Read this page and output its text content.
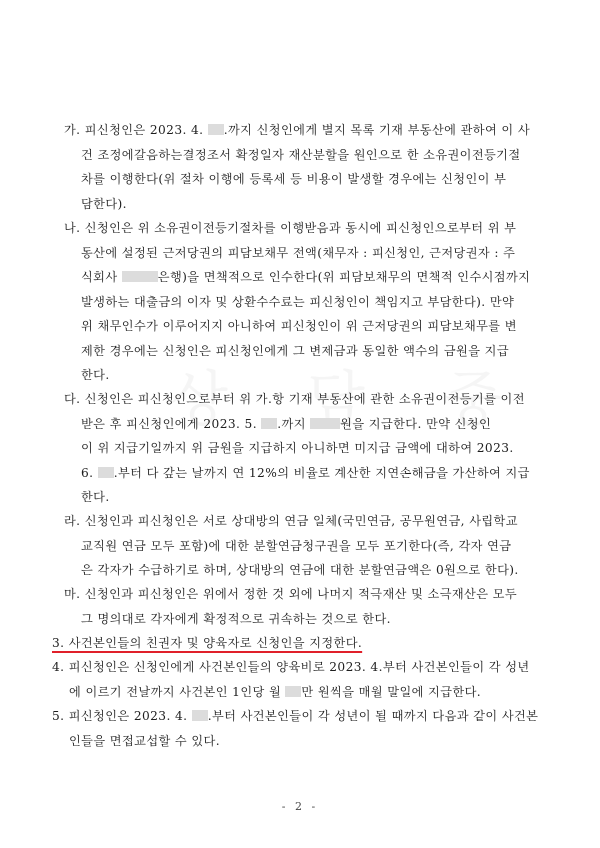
가. 피신청인은 2023. 4. .까지 신청인에게 별지 목록 기재 부동산에 관하여 이 사
건 조정에갈음하는결정조서 확정일자 재산분할을 원인으로 한 소유권이전등기절
차를 이행한다(위 절차 이행에 등록세 등 비용이 발생할 경우에는 신청인이 부
담한다).
나. 신청인은 위 소유권이전등기절차를 이행받음과 동시에 피신청인으로부터 위 부
동산에 설정된 근저당권의 피담보채무 전액(채무자 : 피신청인, 근저당권자 : 주
식회사	은행)을 면책적으로 인수한다(위 피담보채무의 면책적 인수시점까지
발생하는 대출금의 이자 및 상환수수료는 피신청인이 책임지고 부담한다). 만약
위 채무인수가 이루어지지 아니하여 피신청인이 위 근저당권의 피담보채무를 변
제한 경우에는 신청인은 피신청인에게 그 변제금과 동일한 액수의 금원을 지급
한다.
다. 신청인은 피신청인으로부터 위 가.항 기재 부동산에 관한 소유권이전등기를 이전
받은 후 피신청인에게 2023. 5. .까지 원을 지급한다. 만약 신청인
이 위 지급기일까지 위 금원을 지급하지 아니하면 미지급 금액에 대하여 2023.
6. .부터 다 갚는 날까지 연 12%의 비율로 계산한 지연손해금을 가산하여 지급
한다.
라. 신청인과 피신청인은 서로 상대방의 연금 일체(국민연금, 공무원연금, 사립학교
교직원 연금 모두 포함)에 대한 분할연금청구권을 모두 포기한다(즉, 각자 연금
은 각자가 수급하기로 하며, 상대방의 연금에 대한 분할연금액은 0원으로 한다).
마. 신청인과 피신청인은 위에서 정한 것 외에 나머지 적극재산 및 소극재산은 모두
그 명의대로 각자에게 확정적으로 귀속하는 것으로 한다.
3. 사건본인들의 친권자 및 양육자로 신청인을 지정한다.
4. 피신청인은 신청인에게 사건본인들의 양육비로 2023. 4.부터 사건본인들이 각 성년
에 이르기 전날까지 사건본인 1인당 월 만 원씩을 매월 말일에 지급한다.
5. 피신청인은 2023. 4. .부터 사건본인들이 각 성년이 될 때까지 다음과 같이 사건본
인들을 면접교섭할 수 있다.
- 2 -
